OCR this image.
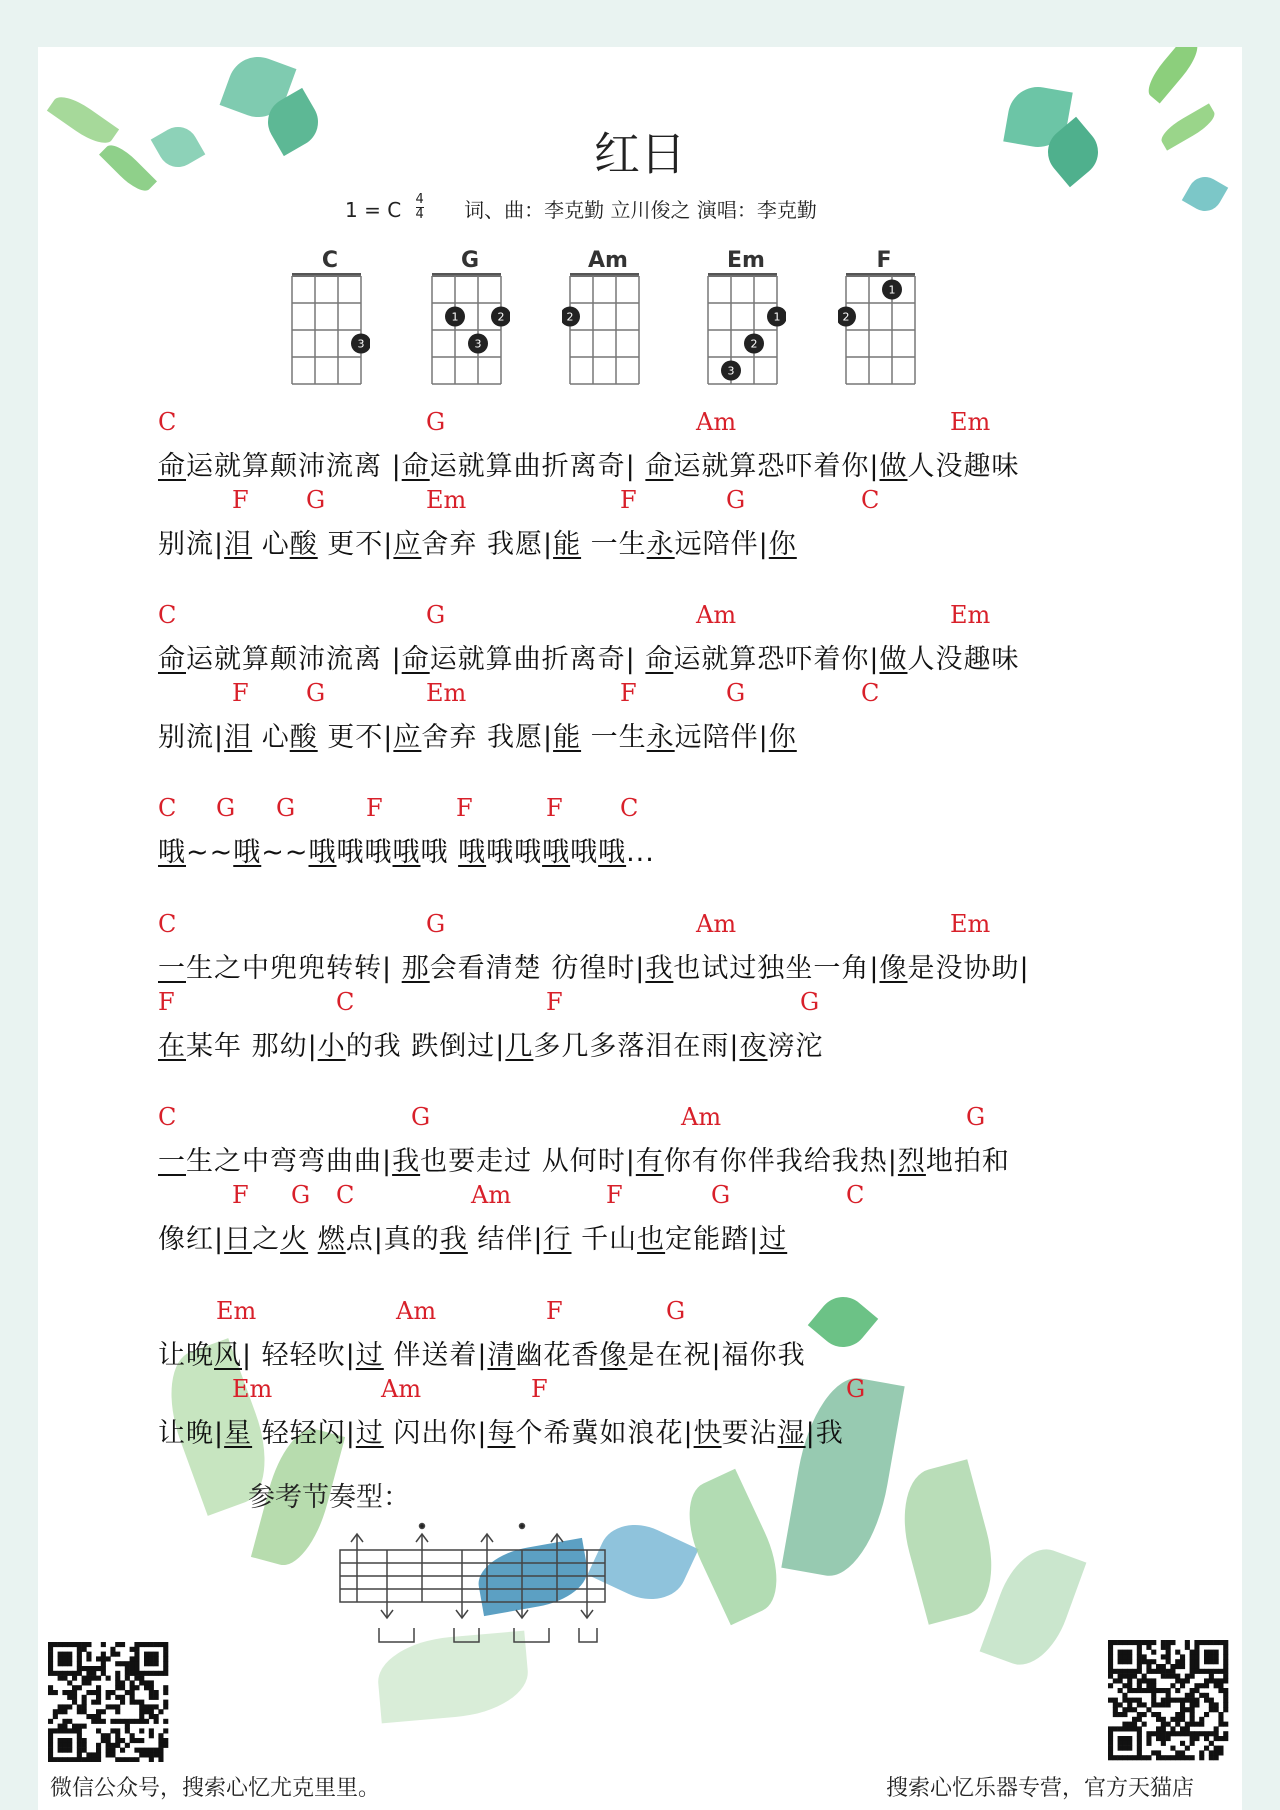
红日
1 = C $\frac{4}{4}$ 词、曲：李克勤 立川俊之 演唱：李克勤
C
3
G
1	2
3
Am
2
Em
1
2
3
F
1
2
C	G	Am	Em
命运就算颠沛流离 |命运就算曲折离奇| 命运就算恐吓着你|做人没趣味
F G	Em	F	G	C
别流|泪 心酸 更不|应舍弃 我愿|能 一生永远陪伴|你
C	G	Am	Em
命运就算颠沛流离 |命运就算曲折离奇| 命运就算恐吓着你|做人没趣味
F G	Em	F	G	C
别流|泪 心酸 更不|应舍弃 我愿|能 一生永远陪伴|你
C G G	F	F	F C
哦~~哦~~哦哦哦哦哦 哦哦哦哦哦哦...
C	G	Am	Em
一生之中兜兜转转| 那会看清楚 彷徨时|我也试过独坐一角|像是没协助|
F	C	F	G
在某年 那幼|小的我 跌倒过|几多几多落泪在雨|夜滂沱
C	G	Am	G
一生之中弯弯曲曲|我也要走过 从何时|有你有你伴我给我热|烈地拍和
F G C	Am	F	G	C
像红|日之火 燃点|真的我 结伴|行 千山也定能踏|过
Em	Am	F	G
让晚风| 轻轻吹|过 伴送着|清幽花香像是在祝|福你我
Em	Am	F	G
让晚|星 轻轻闪|过 闪出你|每个希冀如浪花|快要沾湿|我
参考节奏型：
微信公众号，搜索心忆尤克里里。	搜索心忆乐器专营，官方天猫店
